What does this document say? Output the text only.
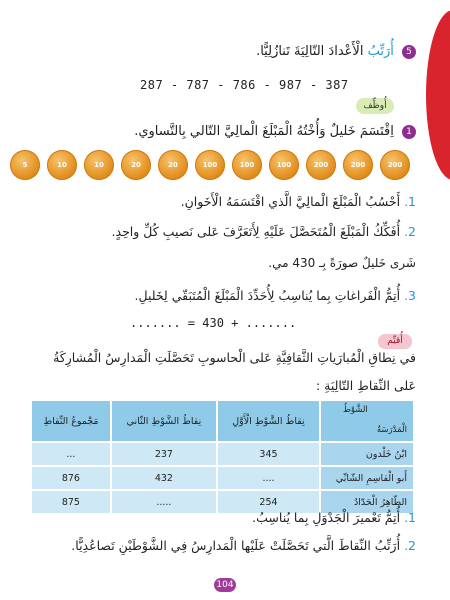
5 أُرَتِّبُ الْأَعْدادَ التّالِيَةَ تَنازُلِيًّا.
287 - 787 - 786 - 987 - 387
أُوظِّف
1 اِقْتَسَمَ خَليلٌ وَأُخْتُهُ الْمَبْلَغَ الْمالِيَّ التّالي بِالتَّساوي.
200
200
200
100
100
100
20
20
10
10
5
1. أَحْسُبُ الْمَبْلَغَ الْمالِيَّ الَّذي اقْتَسَمَهُ الْأَخَوانِ.
2. أُفَكِّكُ الْمَبْلَغَ الْمُتَحَصَّلَ عَلَيْهِ لِأَتَعَرَّفَ عَلى نَصيبِ كُلِّ واحِدٍ.
شَرى خَليلٌ صورَةً بِـ 430 مي.
3. أُتِمُّ الْفَراغاتِ بِما يُناسِبُ لِأُحَدِّدَ الْمَبْلَغَ الْمُتَبَقّي لِخَليلِ.
....... = 430 + .......
أُقيِّم
في نِطاقِ الْمُبارَياتِ الثَّقافِيَّةِ عَلى الْحاسوبِ تَحَصَّلَتِ الْمَدارِسُ الْمُشارِكَةُ
عَلى النِّقاطِ التّالِيَةِ :
الشَّوْطُ
الْمَدْرَسَةُ	نِقاطُ الشَّوْطِ الْأَوَّلِ	نِقاطُ الشَّوْطِ الثّاني	مَجْموعُ النِّقاطِ
ابْنُ خَلْدون	345	237	...
أَبو الْقاسِمِ الشّابِّي	....	432	876
الطّاهِرُ الْحَدّادُ	254	.....	875
1. أُتِمُّ تَعْميرَ الْجَدْوَلِ بِما يُناسِبُ.
2. أُرَتِّبُ النِّقاطَ الَّتي تَحَصَّلَتْ عَلَيْها الْمَدارِسُ فِي الشَّوْطَيْنِ تَصاعُدِيًّا.
104
